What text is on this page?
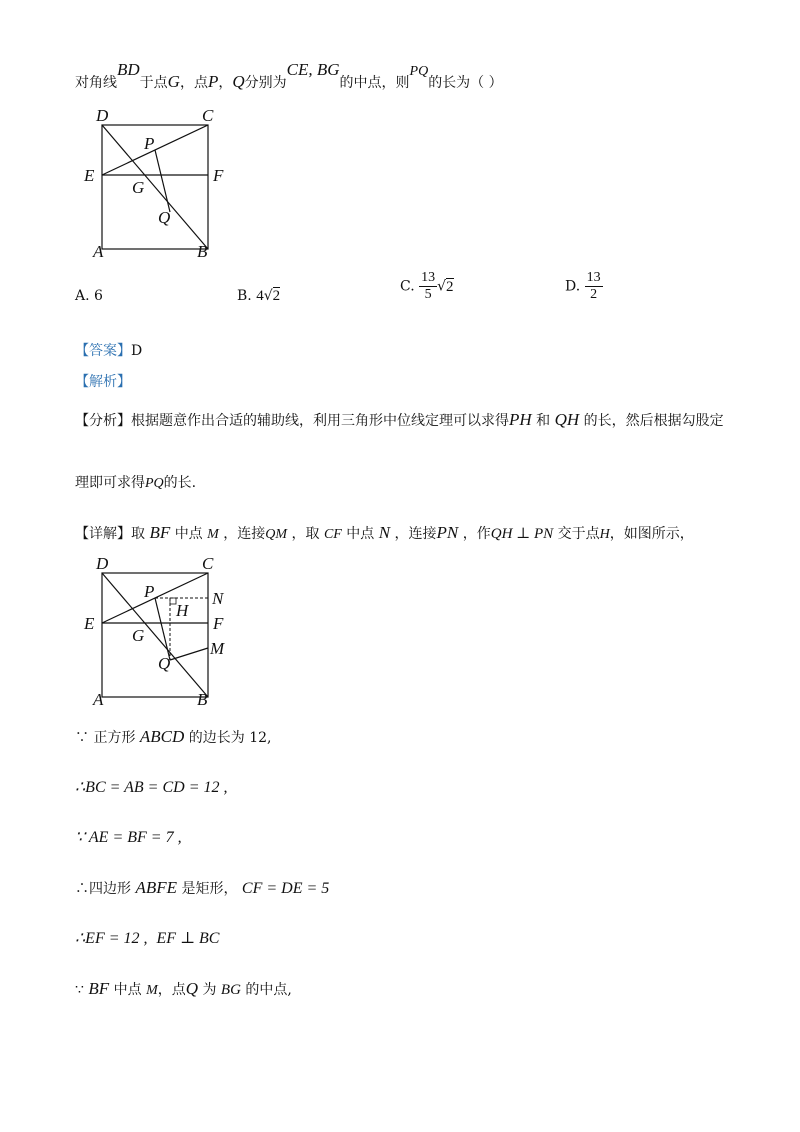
对角线BD于点G，点P，Q分别为CE, BG的中点，则PQ的长为（ ）
D	C
P
E
G
F
Q
A	B
A. 6	B. 4√2
C. $\frac{13}{5} √2$	D. $\frac{13}{2}$
【答案】D
【解析】
【分析】根据题意作出合适的辅助线，利用三角形中位线定理可以求得PH 和 QH 的长，然后根据勾股定
理即可求得PQ的长.
【详解】取 BF 中点 M ，连接QM ，取 CF 中点 N ，连接PN ，作QH ⊥ PN 交于点H，如图所示，
D	C
P	N
H
E	F
G
M
Q
A	B
∵ 正方形 ABCD 的边长为 12,
∴BC = AB = CD = 12 ,
∵ AE = BF = 7 ,
∴四边形 ABFE 是矩形， CF = DE = 5
∴EF = 12 , EF ⊥ BC
∵ BF 中点 M，点Q 为 BG 的中点,
